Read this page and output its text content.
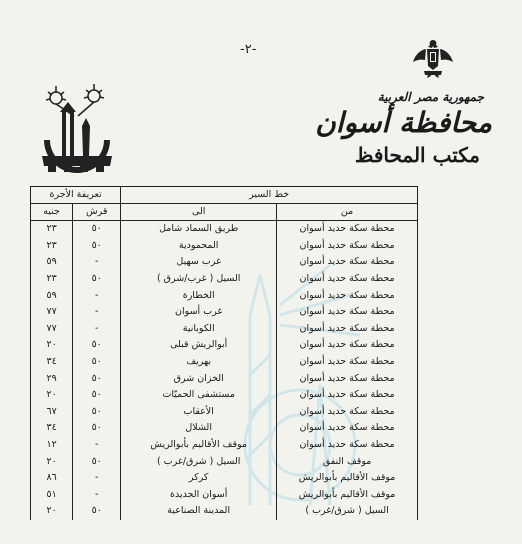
-٢-
جمهورية مصر العربية
محافظة أسوان
مكتب المحافظ
خط السير		تعريفة الأجرة	
من	الى	قرش	جنيه
محطة سكة حديد أسوان	طريق السماد شامل	٥٠	٢٣
محطة سكة حديد أسوان	المحمودية	٥٠	٢٣
محطة سكة حديد أسوان	غرب سهيل	-	٥٩
محطة سكة حديد أسوان	السيل ( غرب/شرق )	٥٠	٢٣
محطة سكة حديد أسوان	الخطارة	-	٥٩
محطة سكة حديد أسوان	غرب أسوان	-	٧٧
محطة سكة حديد أسوان	الكوبانية	-	٧٧
محطة سكة حديد أسوان	أبوالريش قبلى	٥٠	٢٠
محطة سكة حديد أسوان	بهريف	٥٠	٣٤
محطة سكة حديد أسوان	الخزان شرق	٥٠	٢٩
محطة سكة حديد أسوان	مستشفى الحميّات	٥٠	٢٠
محطة سكة حديد أسوان	الأعقاب	٥٠	٦٧
محطة سكة حديد أسوان	الشلال	٥٠	٣٤
محطة سكة حديد أسوان	موقف الأقاليم بأبوالريش	-	١٢
موقف النفق	السيل ( شرق/غرب )	٥٠	٢٠
موقف الأقاليم بأبوالريش	كركر	-	٨٦
موقف الأقاليم بأبوالريش	أسوان الجديدة	-	٥١
السيل ( شرق/غرب )	المدينة الصناعية	٥٠	٢٠
